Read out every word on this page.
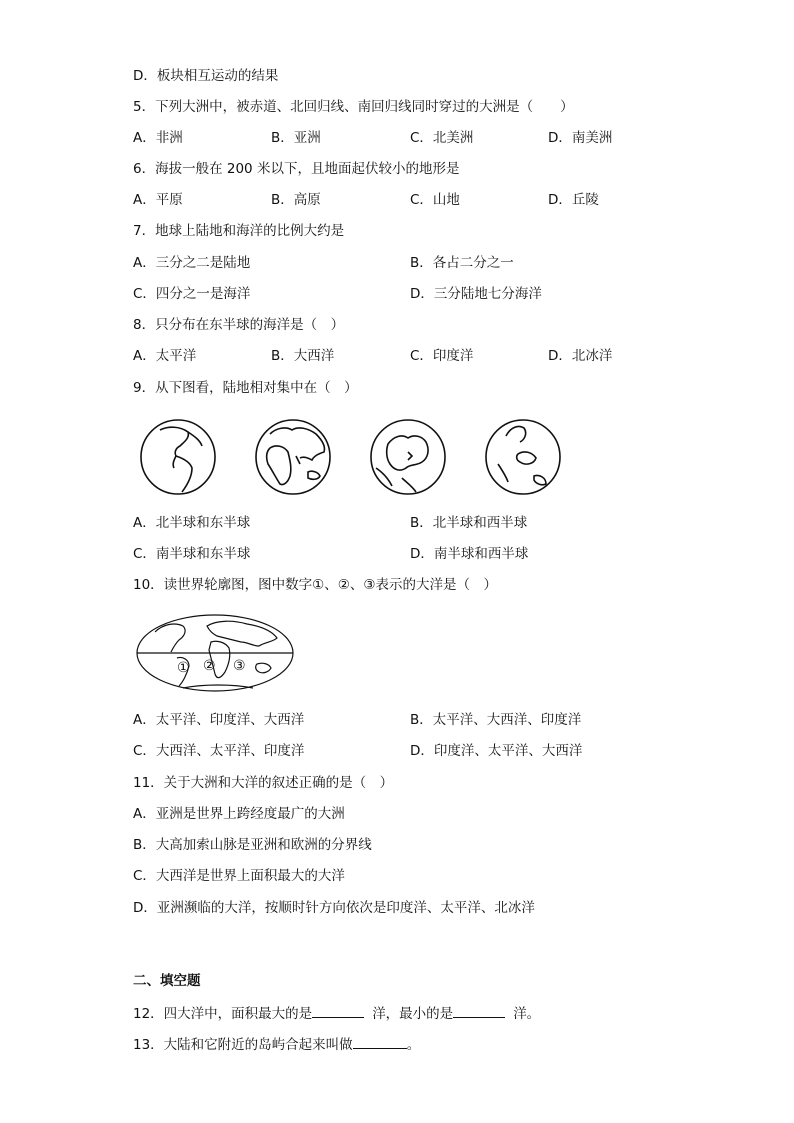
D．板块相互运动的结果
5．下列大洲中，被赤道、北回归线、南回归线同时穿过的大洲是（　　）
A．非洲	B．亚洲	C．北美洲	D．南美洲
6．海拔一般在 200 米以下，且地面起伏较小的地形是
A．平原	B．高原	C．山地	D．丘陵
7．地球上陆地和海洋的比例大约是
A．三分之二是陆地	B．各占二分之一
C．四分之一是海洋	D．三分陆地七分海洋
8．只分布在东半球的海洋是（　）
A．太平洋	B．大西洋	C．印度洋	D．北冰洋
9．从下图看，陆地相对集中在（　）
A．北半球和东半球	B．北半球和西半球
C．南半球和东半球	D．南半球和西半球
10．读世界轮廓图，图中数字①、②、③表示的大洋是（　）
① ② ③
A．太平洋、印度洋、大西洋	B．太平洋、大西洋、印度洋
C．大西洋、太平洋、印度洋	D．印度洋、太平洋、大西洋
11．关于大洲和大洋的叙述正确的是（　）
A．亚洲是世界上跨经度最广的大洲
B．大高加索山脉是亚洲和欧洲的分界线
C．大西洋是世界上面积最大的大洋
D．亚洲濒临的大洋，按顺时针方向依次是印度洋、太平洋、北冰洋
二、填空题
12．四大洋中，面积最大的是	洋，最小的是	洋。
13．大陆和它附近的岛屿合起来叫做	。
